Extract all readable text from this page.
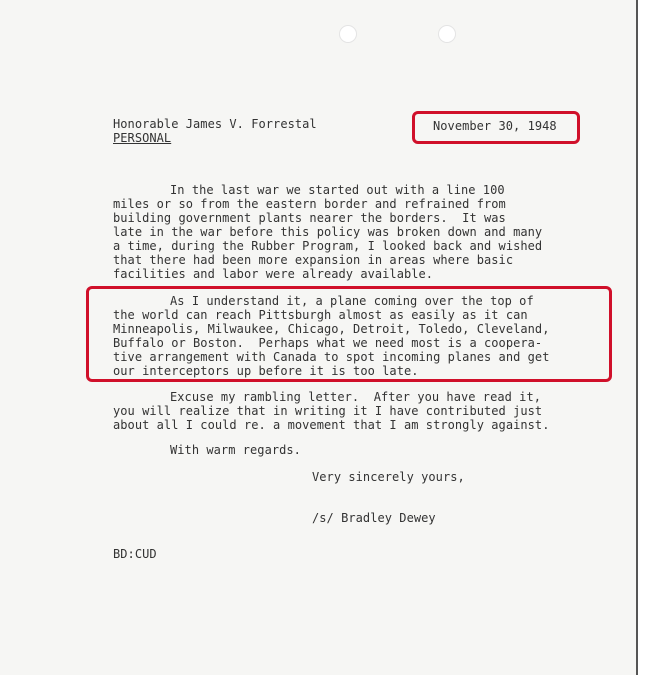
Honorable James V. Forrestal
PERSONAL
November 30, 1948
In the last war we started out with a line 100
miles or so from the eastern border and refrained from
building government plants nearer the borders.  It was
late in the war before this policy was broken down and many
a time, during the Rubber Program, I looked back and wished
that there had been more expansion in areas where basic
facilities and labor were already available.
As I understand it, a plane coming over the top of
the world can reach Pittsburgh almost as easily as it can
Minneapolis, Milwaukee, Chicago, Detroit, Toledo, Cleveland,
Buffalo or Boston.  Perhaps what we need most is a coopera-
tive arrangement with Canada to spot incoming planes and get
our interceptors up before it is too late.
Excuse my rambling letter.  After you have read it,
you will realize that in writing it I have contributed just
about all I could re. a movement that I am strongly against.
With warm regards.
Very sincerely yours,
/s/ Bradley Dewey
BD:CUD
